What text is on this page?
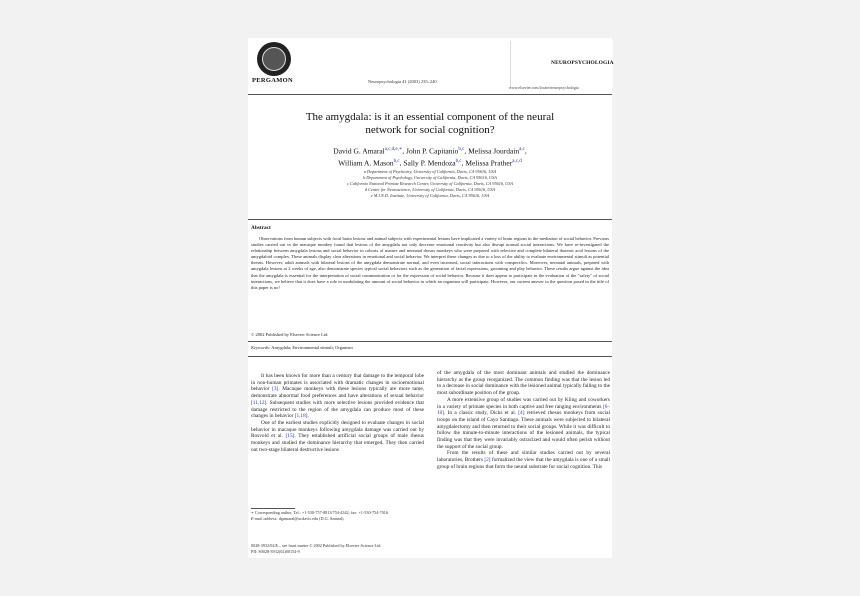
PERGAMON	Neuropsychologia 41 (2003) 235–240
NEUROPSYCHOLOGIA
www.elsevier.com/locate/neuropsychologia
The amygdala: is it an essential component of the neural
network for social cognition?
David G. Amaral$^{a,c,d,e,∗}$, John P. Capitanio$^{b,c}$, Melissa Jourdain$^{a,c}$,
William A. Mason$^{b,c}$, Sally P. Mendoza$^{b,c}$, Melissa Prather$^{a,c,d}$
a Department of Psychiatry, University of California, Davis, CA 95616, USA
b Department of Psychology, University of California, Davis, CA 95616, USA
c California National Primate Research Center, University of California, Davis, CA 95616, USA
d Center for Neuroscience, University of California, Davis, CA 95616, USA
e M.I.N.D. Institute, University of California, Davis, CA 95616, USA
Abstract
Observations from human subjects with focal brain lesions and animal subjects with experimental lesions have implicated a variety of brain regions in the mediation of social behavior. Previous studies carried out in the macaque monkey found that lesions of the amygdala not only decrease emotional reactivity but also disrupt normal social interactions. We have re-investigated the relationship between amygdala lesions and social behavior in cohorts of mature and neonatal rhesus monkeys who were prepared with selective and complete bilateral ibotenic acid lesions of the amygdaloid complex. These animals display clear alterations in emotional and social behavior. We interpret these changes as due to a loss of the ability to evaluate environmental stimuli as potential threats. However, adult animals with bilateral lesions of the amygdala demonstrate normal, and even increased, social interactions with conspecifics. Moreover, neonatal animals, prepared with amygdala lesions at 2 weeks of age, also demonstrate species typical social behaviors such as the generation of facial expressions, grooming and play behavior. These results argue against the idea that the amygdala is essential for the interpretation of social communication or for the expression of social behavior. Because it does appear to participate in the evaluation of the "safety" of social interactions, we believe that it does have a role in modulating the amount of social behavior in which an organism will participate. However, our current answer to the question posed in the title of this paper is no!
© 2002 Published by Elsevier Science Ltd.
Keywords: Amygdala; Environmental stimuli; Organism

It has been known for more than a century that damage to the temporal lobe in non-human primates is associated with dramatic changes in socioemotional behavior [3]. Macaque monkeys with these lesions typically are more tame, demonstrate abnormal food preferences and have alterations of sexual behavior [11,12]. Subsequent studies with more selective lesions provided evidence that damage restricted to the region of the amygdala can produce most of these changes in behavior [1,18].

One of the earliest studies explicitly designed to evaluate changes in social behavior in macaque monkeys following amygdala damage was carried out by Rosvold et al. [15]. They established artificial social groups of male rhesus monkeys and studied the dominance hierarchy that emerged. They then carried out two-stage bilateral destructive lesions

of the amygdala of the most dominant animals and studied the dominance hierarchy as the group reorganized. The common finding was that the lesion led to a decrease in social dominance with the lesioned animal typically falling to the most subordinate position of the group.

A more extensive group of studies was carried out by Kling and coworkers in a variety of primate species in both captive and free ranging environments [6–10]. In a classic study, Dicks et al. [4] retrieved rhesus monkeys from social troops on the island of Cayo Santiago. These animals were subjected to bilateral amygdalectomy and then returned to their social groups. While it was difficult to follow the minute-to-minute interactions of the lesioned animals, the typical finding was that they were invariably ostracized and would often perish without the support of the social group.

From the results of these and similar studies carried out by several laboratories, Brothers [2] formalized the view that the amygdala is one of a small group of brain regions that form the neural substrate for social cognition. This

∗ Corresponding author. Tel.: +1-530-757-8813/754-4342; fax: +1-530-754-7016.
E-mail address: dgamaral@ucdavis.edu (D.G. Amaral).
0028-3932/02/$ – see front matter © 2002 Published by Elsevier Science Ltd.
PII: S0028-3932(02)00154-9
